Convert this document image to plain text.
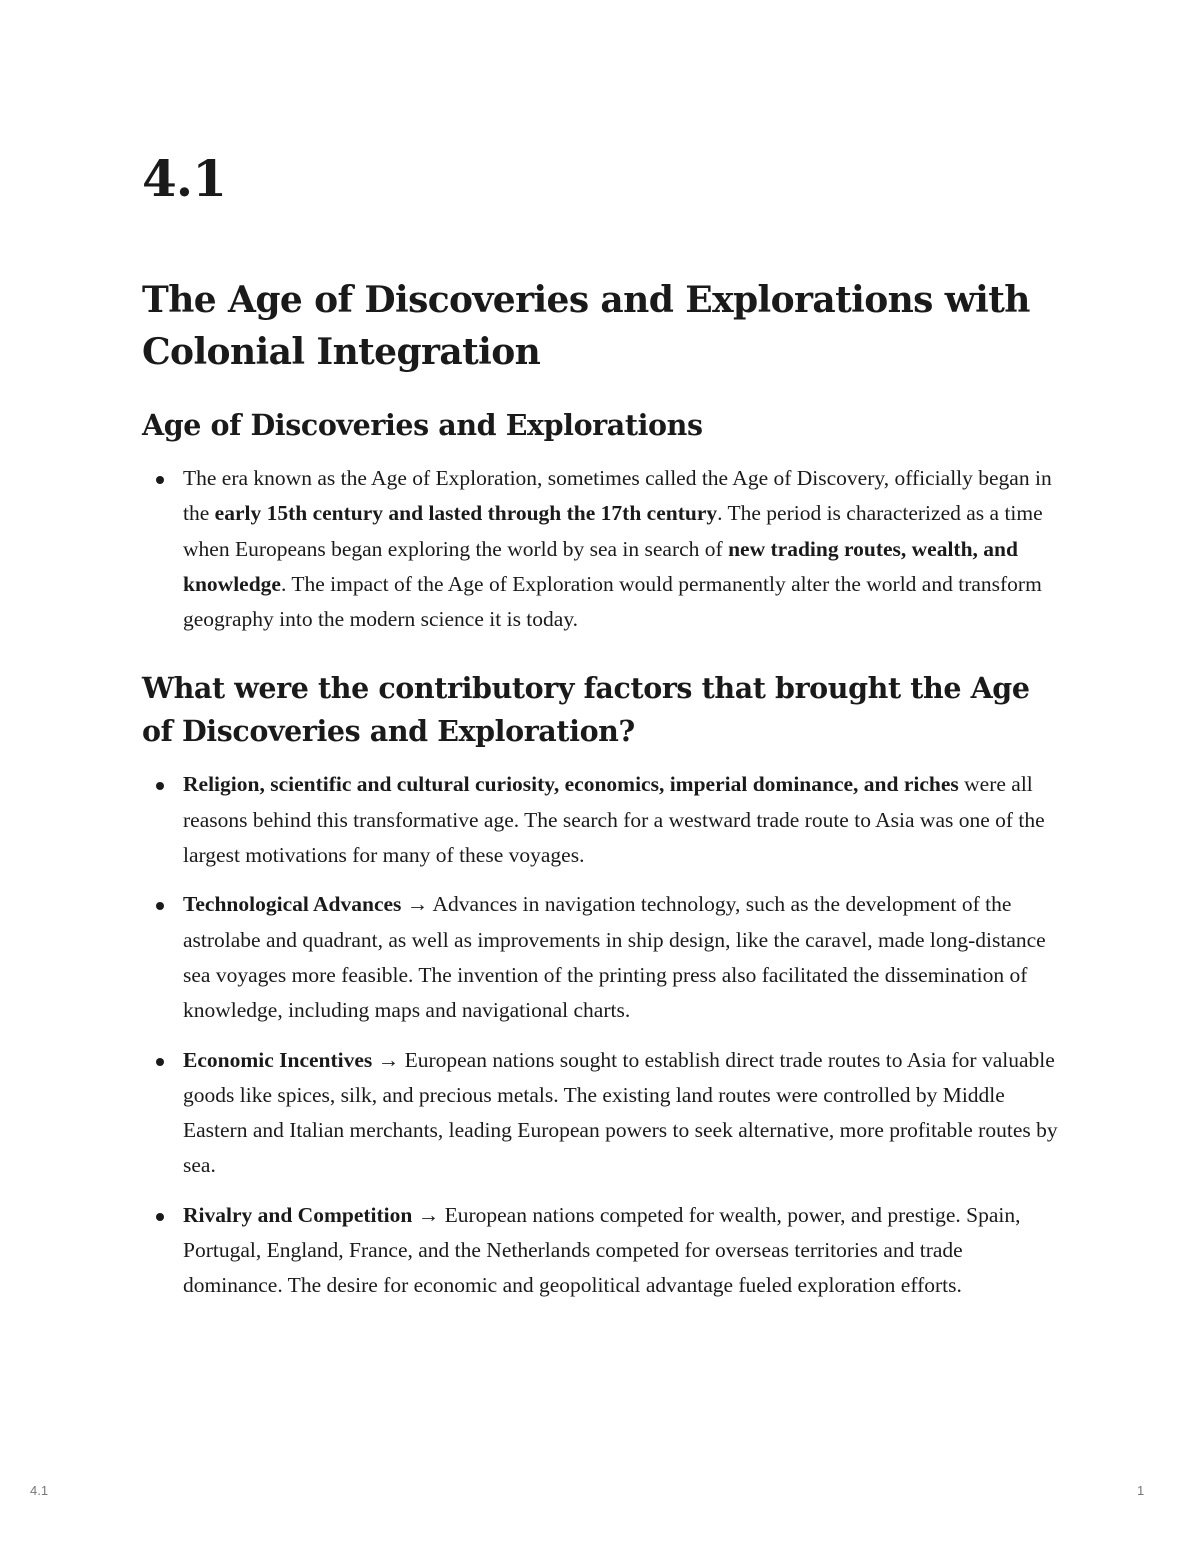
4.1
The Age of Discoveries and Explorations with Colonial Integration
Age of Discoveries and Explorations
The era known as the Age of Exploration, sometimes called the Age of Discovery, officially began in the early 15th century and lasted through the 17th century. The period is characterized as a time when Europeans began exploring the world by sea in search of new trading routes, wealth, and knowledge. The impact of the Age of Exploration would permanently alter the world and transform geography into the modern science it is today.
What were the contributory factors that brought the Age of Discoveries and Exploration?
Religion, scientific and cultural curiosity, economics, imperial dominance, and riches were all reasons behind this transformative age. The search for a westward trade route to Asia was one of the largest motivations for many of these voyages.
Technological Advances → Advances in navigation technology, such as the development of the astrolabe and quadrant, as well as improvements in ship design, like the caravel, made long-distance sea voyages more feasible. The invention of the printing press also facilitated the dissemination of knowledge, including maps and navigational charts.
Economic Incentives → European nations sought to establish direct trade routes to Asia for valuable goods like spices, silk, and precious metals. The existing land routes were controlled by Middle Eastern and Italian merchants, leading European powers to seek alternative, more profitable routes by sea.
Rivalry and Competition → European nations competed for wealth, power, and prestige. Spain, Portugal, England, France, and the Netherlands competed for overseas territories and trade dominance. The desire for economic and geopolitical advantage fueled exploration efforts.
4.1	1
